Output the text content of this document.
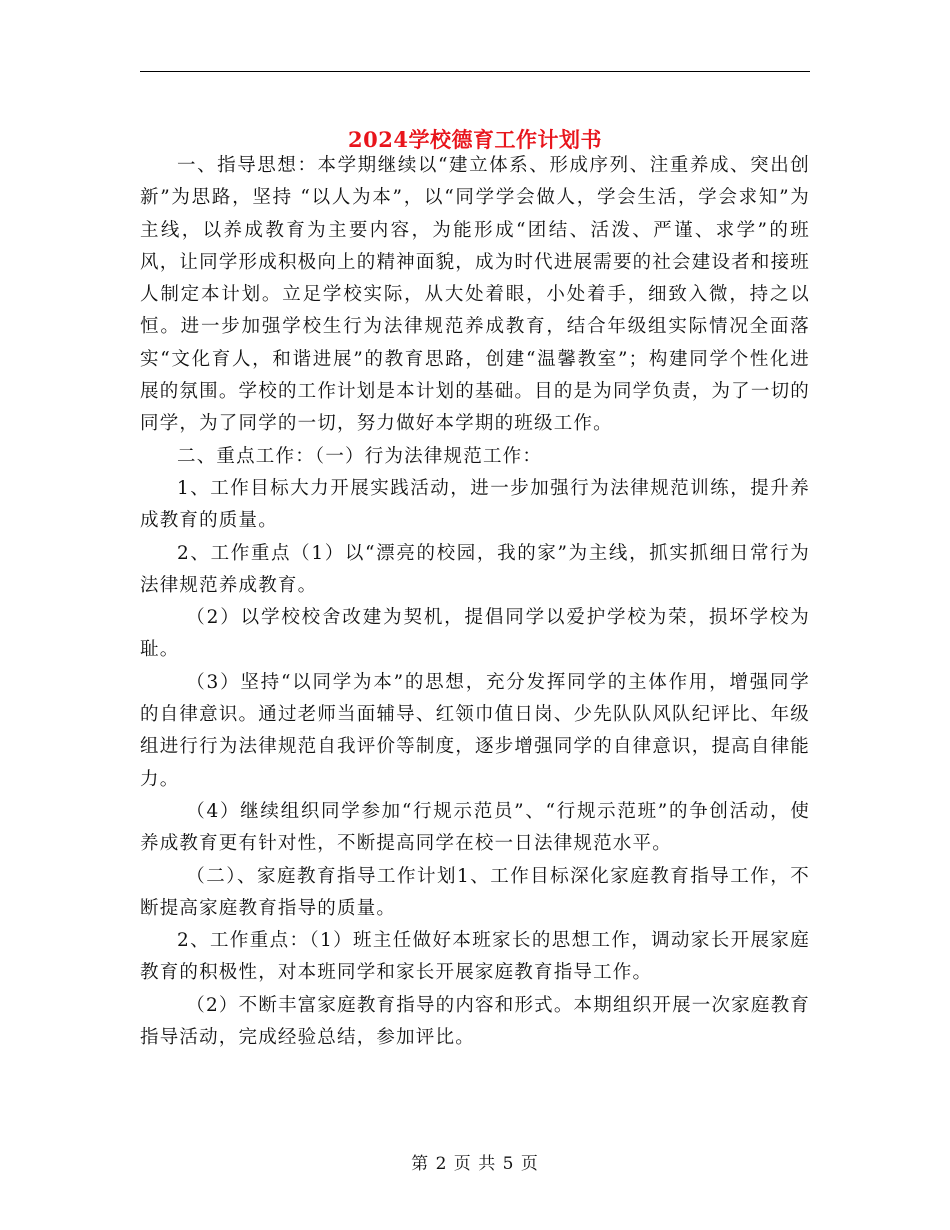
2024学校德育工作计划书

一、指导思想：本学期继续以“建立体系、形成序列、注重养成、突出创新”为思路，坚持 “以人为本”，以“同学学会做人，学会生活，学会求知”为主线，以养成教育为主要内容，为能形成“团结、活泼、严谨、求学”的班风，让同学形成积极向上的精神面貌，成为时代进展需要的社会建设者和接班人制定本计划。立足学校实际，从大处着眼，小处着手，细致入微，持之以恒。进一步加强学校生行为法律规范养成教育，结合年级组实际情况全面落实“文化育人，和谐进展”的教育思路，创建“温馨教室”；构建同学个性化进展的氛围。学校的工作计划是本计划的基础。目的是为同学负责，为了一切的同学，为了同学的一切，努力做好本学期的班级工作。

二、重点工作：（一）行为法律规范工作：

1、工作目标大力开展实践活动，进一步加强行为法律规范训练，提升养成教育的质量。

2、工作重点（1）以“漂亮的校园，我的家”为主线，抓实抓细日常行为法律规范养成教育。

（2）以学校校舍改建为契机，提倡同学以爱护学校为荣，损坏学校为耻。

（3）坚持“以同学为本”的思想，充分发挥同学的主体作用，增强同学的自律意识。通过老师当面辅导、红领巾值日岗、少先队队风队纪评比、年级组进行行为法律规范自我评价等制度，逐步增强同学的自律意识，提高自律能力。

（4）继续组织同学参加“行规示范员”、“行规示范班”的争创活动，使养成教育更有针对性，不断提高同学在校一日法律规范水平。

（二）、家庭教育指导工作计划1、工作目标深化家庭教育指导工作，不断提高家庭教育指导的质量。

2、工作重点：（1）班主任做好本班家长的思想工作，调动家长开展家庭教育的积极性，对本班同学和家长开展家庭教育指导工作。

（2）不断丰富家庭教育指导的内容和形式。本期组织开展一次家庭教育指导活动，完成经验总结，参加评比。

第 2 页 共 5 页
